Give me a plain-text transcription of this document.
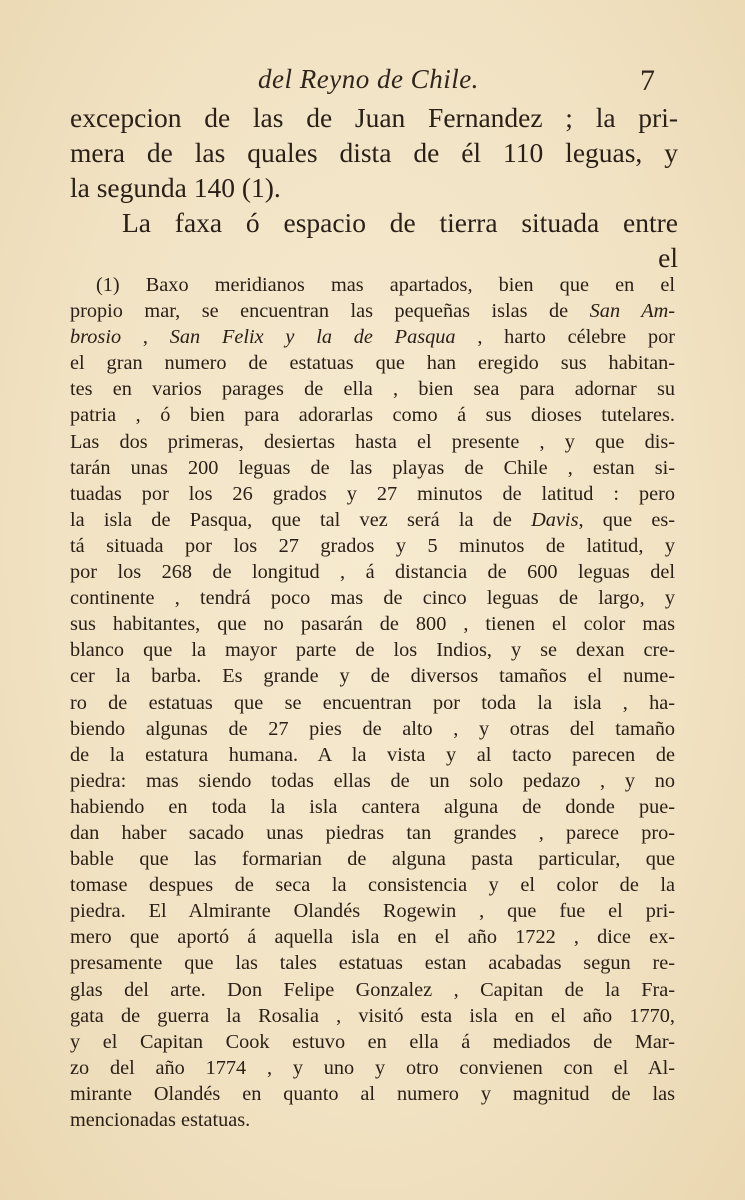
del Reyno de Chile.	7
excepcion de las de Juan Fernandez ; la pri-
mera de las quales dista de él 110 leguas, y
la segunda 140 (1).
La faxa ó espacio de tierra situada entre
el
(1) Baxo meridianos mas apartados, bien que en el
propio mar, se encuentran las pequeñas islas de San Am-
brosio , San Felix y la de Pasqua , harto célebre por
el gran numero de estatuas que han eregido sus habitan-
tes en varios parages de ella , bien sea para adornar su
patria , ó bien para adorarlas como á sus dioses tutelares.
Las dos primeras, desiertas hasta el presente , y que dis-
tarán unas 200 leguas de las playas de Chile , estan si-
tuadas por los 26 grados y 27 minutos de latitud : pero
la isla de Pasqua, que tal vez será la de Davis, que es-
tá situada por los 27 grados y 5 minutos de latitud, y
por los 268 de longitud , á distancia de 600 leguas del
continente , tendrá poco mas de cinco leguas de largo, y
sus habitantes, que no pasarán de 800 , tienen el color mas
blanco que la mayor parte de los Indios, y se dexan cre-
cer la barba. Es grande y de diversos tamaños el nume-
ro de estatuas que se encuentran por toda la isla , ha-
biendo algunas de 27 pies de alto , y otras del tamaño
de la estatura humana. A la vista y al tacto parecen de
piedra: mas siendo todas ellas de un solo pedazo , y no
habiendo en toda la isla cantera alguna de donde pue-
dan haber sacado unas piedras tan grandes , parece pro-
bable que las formarian de alguna pasta particular, que
tomase despues de seca la consistencia y el color de la
piedra. El Almirante Olandés Rogewin , que fue el pri-
mero que aportó á aquella isla en el año 1722 , dice ex-
presamente que las tales estatuas estan acabadas segun re-
glas del arte. Don Felipe Gonzalez , Capitan de la Fra-
gata de guerra la Rosalia , visitó esta isla en el año 1770,
y el Capitan Cook estuvo en ella á mediados de Mar-
zo del año 1774 , y uno y otro convienen con el Al-
mirante Olandés en quanto al numero y magnitud de las
mencionadas estatuas.
